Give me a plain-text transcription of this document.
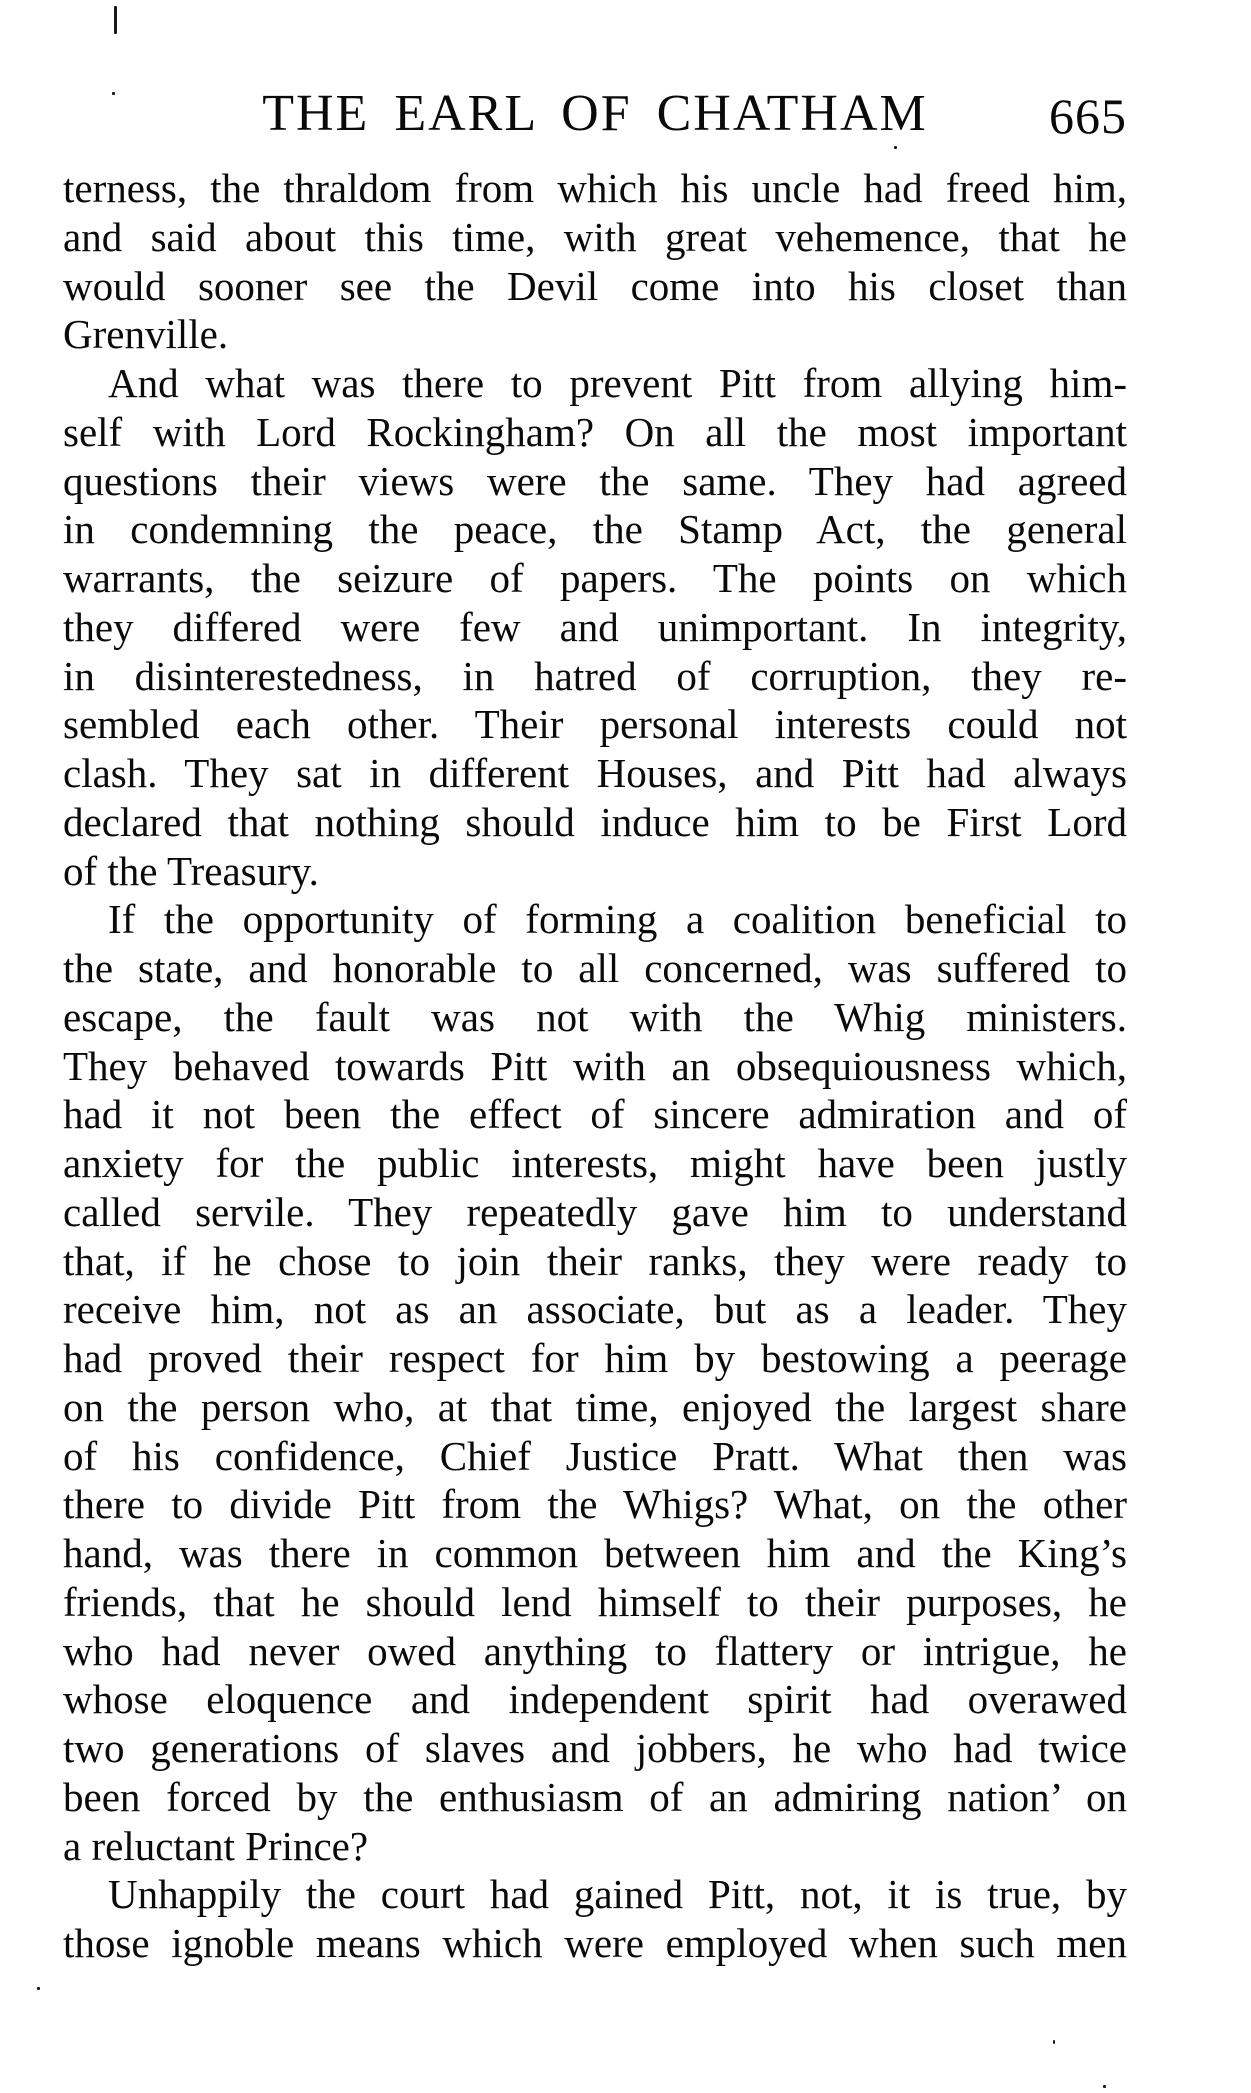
THE EARL OF CHATHAM	665
terness, the thraldom from which his uncle had freed him,
and said about this time, with great vehemence, that he
would sooner see the Devil come into his closet than
Grenville.
And what was there to prevent Pitt from allying him-
self with Lord Rockingham? On all the most important
questions their views were the same. They had agreed
in condemning the peace, the Stamp Act, the general
warrants, the seizure of papers. The points on which
they differed were few and unimportant. In integrity,
in disinterestedness, in hatred of corruption, they re-
sembled each other. Their personal interests could not
clash. They sat in different Houses, and Pitt had always
declared that nothing should induce him to be First Lord
of the Treasury.
If the opportunity of forming a coalition beneficial to
the state, and honorable to all concerned, was suffered to
escape, the fault was not with the Whig ministers.
They behaved towards Pitt with an obsequiousness which,
had it not been the effect of sincere admiration and of
anxiety for the public interests, might have been justly
called servile. They repeatedly gave him to understand
that, if he chose to join their ranks, they were ready to
receive him, not as an associate, but as a leader. They
had proved their respect for him by bestowing a peerage
on the person who, at that time, enjoyed the largest share
of his confidence, Chief Justice Pratt. What then was
there to divide Pitt from the Whigs? What, on the other
hand, was there in common between him and the King’s
friends, that he should lend himself to their purposes, he
who had never owed anything to flattery or intrigue, he
whose eloquence and independent spirit had overawed
two generations of slaves and jobbers, he who had twice
been forced by the enthusiasm of an admiring nation’ on
a reluctant Prince?
Unhappily the court had gained Pitt, not, it is true, by
those ignoble means which were employed when such men
